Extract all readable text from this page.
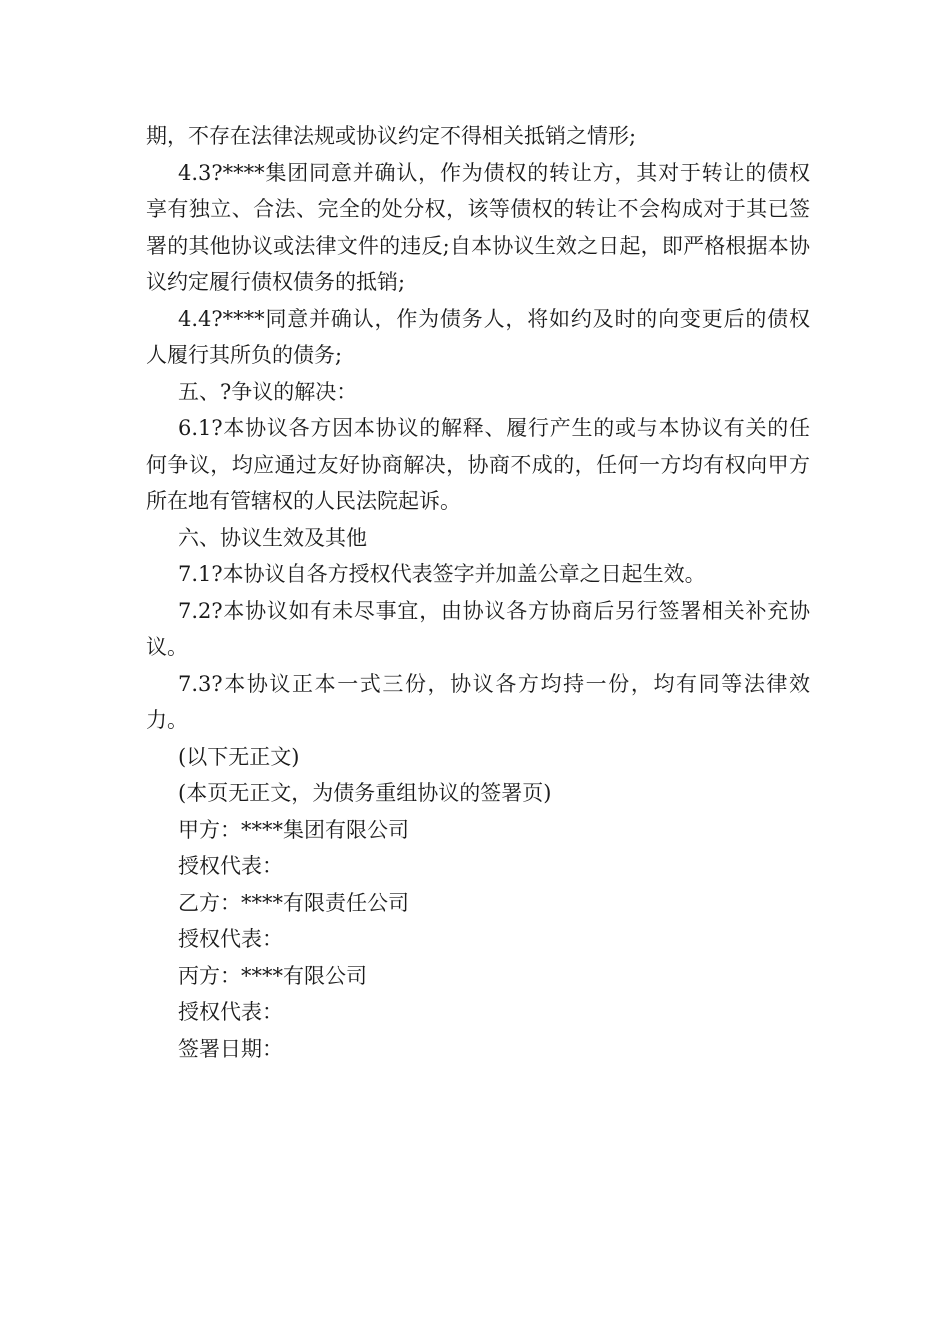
期，不存在法律法规或协议约定不得相关抵销之情形;

4.3?****集团同意并确认，作为债权的转让方，其对于转让的债权享有独立、合法、完全的处分权，该等债权的转让不会构成对于其已签署的其他协议或法律文件的违反;自本协议生效之日起，即严格根据本协议约定履行债权债务的抵销;

4.4?****同意并确认，作为债务人，将如约及时的向变更后的债权人履行其所负的债务;

五、?争议的解决：

6.1?本协议各方因本协议的解释、履行产生的或与本协议有关的任何争议，均应通过友好协商解决，协商不成的，任何一方均有权向甲方所在地有管辖权的人民法院起诉。

六、协议生效及其他

7.1?本协议自各方授权代表签字并加盖公章之日起生效。

7.2?本协议如有未尽事宜，由协议各方协商后另行签署相关补充协议。

7.3?本协议正本一式三份，协议各方均持一份，均有同等法律效力。

(以下无正文)

(本页无正文，为债务重组协议的签署页)

甲方：****集团有限公司

授权代表：

乙方：****有限责任公司

授权代表：

丙方：****有限公司

授权代表：

签署日期：
